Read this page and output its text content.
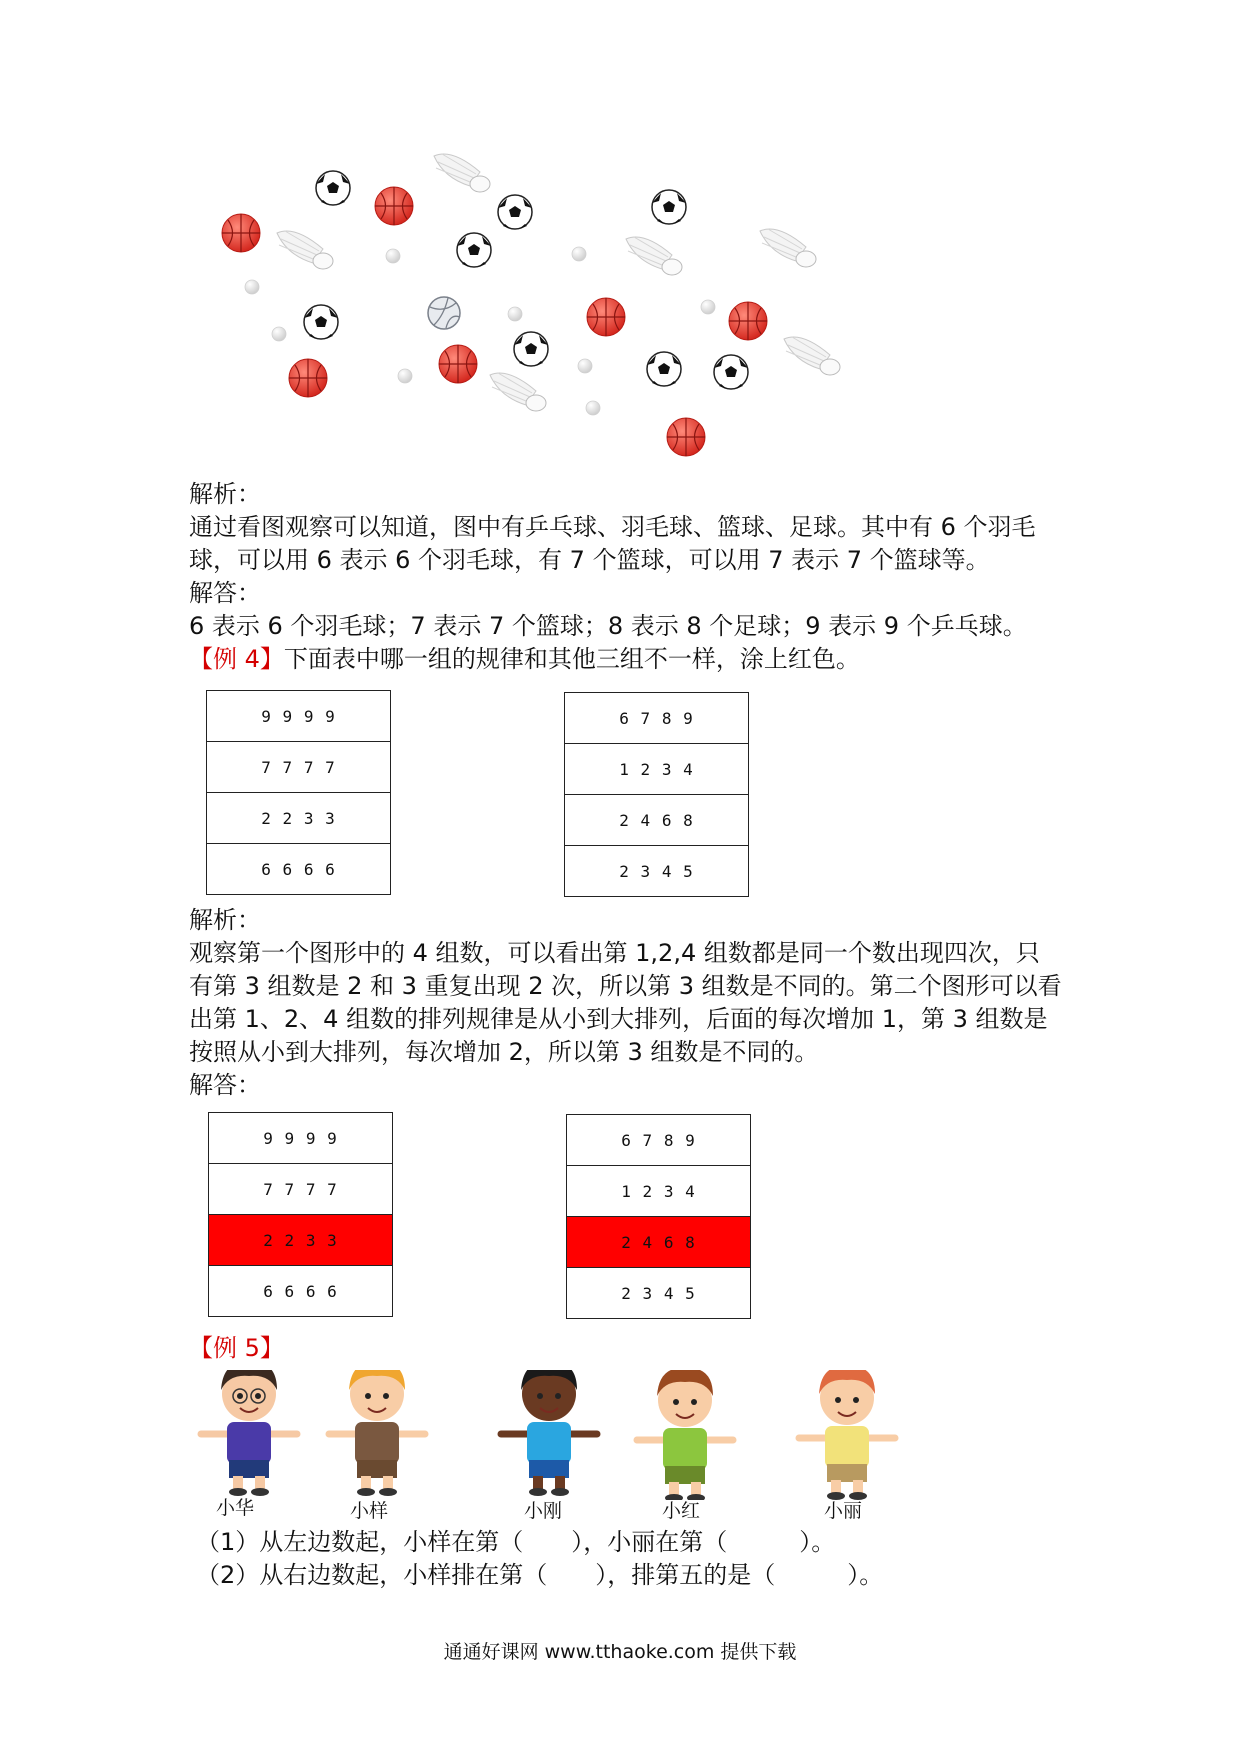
解析：
通过看图观察可以知道，图中有乒乓球、羽毛球、篮球、足球。其中有 6 个羽毛
球，可以用 6 表示 6 个羽毛球，有 7 个篮球，可以用 7 表示 7 个篮球等。
解答：
6 表示 6 个羽毛球；7 表示 7 个篮球；8 表示 8 个足球；9 表示 9 个乒乓球。
【例 4】下面表中哪一组的规律和其他三组不一样，涂上红色。
9 9 9 9
7 7 7 7
2 2 3 3
6 6 6 6
6 7 8 9
1 2 3 4
2 4 6 8
2 3 4 5
解析：
观察第一个图形中的 4 组数，可以看出第 1,2,4 组数都是同一个数出现四次，只
有第 3 组数是 2 和 3 重复出现 2 次，所以第 3 组数是不同的。第二个图形可以看
出第 1、2、4 组数的排列规律是从小到大排列，后面的每次增加 1，第 3 组数是
按照从小到大排列，每次增加 2，所以第 3 组数是不同的。
解答：
9 9 9 9
7 7 7 7
2 2 3 3
6 6 6 6
6 7 8 9
1 2 3 4
2 4 6 8
2 3 4 5
【例 5】
小华	小样	小刚	小红	小丽
（1）从左边数起，小样在第（　　），小丽在第（　　　）。
（2）从右边数起，小样排在第（　　），排第五的是（　　　）。
通通好课网 www.tthaoke.com 提供下载
